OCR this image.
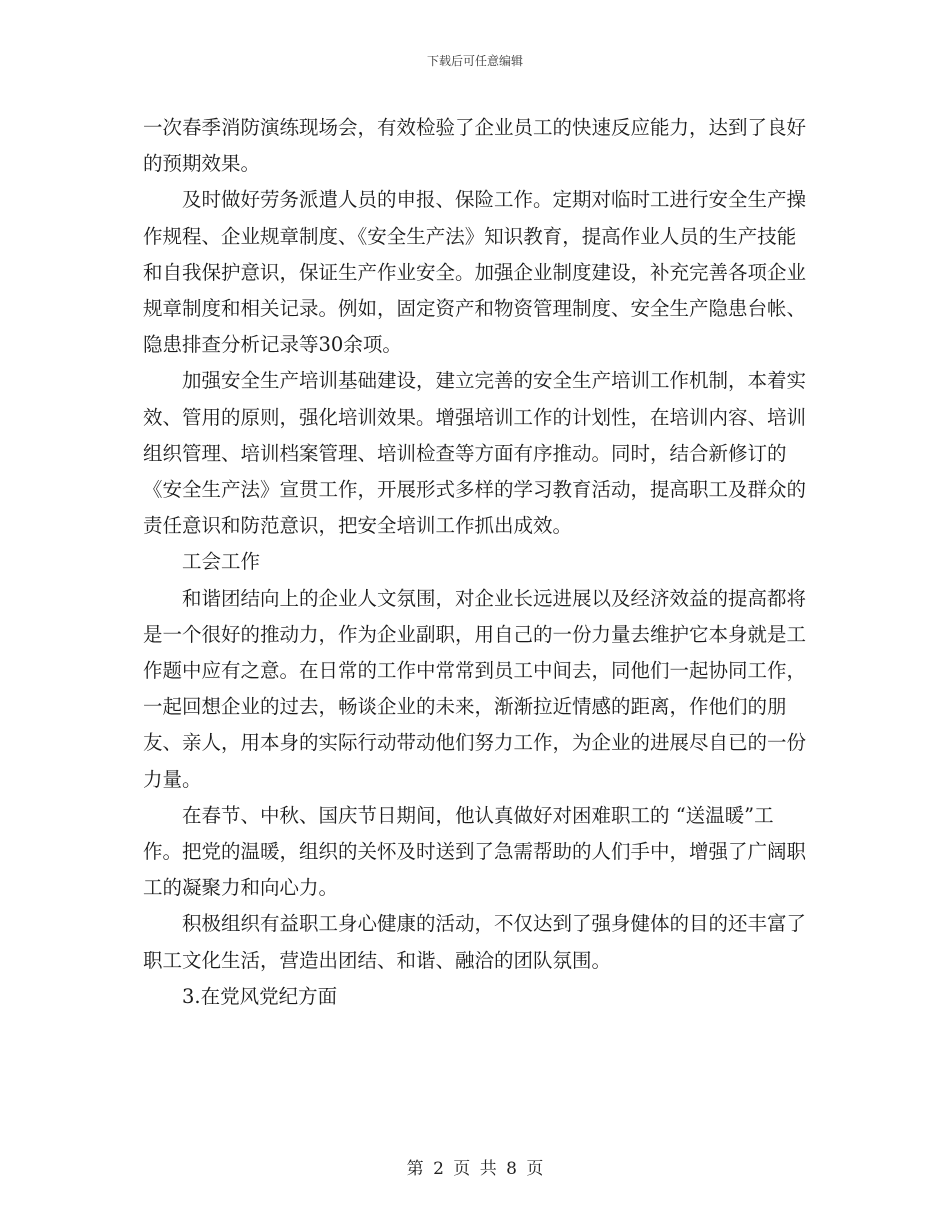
下载后可任意编辑

一次春季消防演练现场会，有效检验了企业员工的快速反应能力，达到了良好的预期效果。

及时做好劳务派遣人员的申报、保险工作。定期对临时工进行安全生产操作规程、企业规章制度、《安全生产法》知识教育，提高作业人员的生产技能和自我保护意识，保证生产作业安全。加强企业制度建设，补充完善各项企业规章制度和相关记录。例如，固定资产和物资管理制度、安全生产隐患台帐、隐患排查分析记录等30余项。

加强安全生产培训基础建设，建立完善的安全生产培训工作机制，本着实效、管用的原则，强化培训效果。增强培训工作的计划性，在培训内容、培训组织管理、培训档案管理、培训检查等方面有序推动。同时，结合新修订的《安全生产法》宣贯工作，开展形式多样的学习教育活动，提高职工及群众的责任意识和防范意识，把安全培训工作抓出成效。

工会工作

和谐团结向上的企业人文氛围，对企业长远进展以及经济效益的提高都将是一个很好的推动力，作为企业副职，用自己的一份力量去维护它本身就是工作题中应有之意。在日常的工作中常常到员工中间去，同他们一起协同工作，一起回想企业的过去，畅谈企业的未来，渐渐拉近情感的距离，作他们的朋友、亲人，用本身的实际行动带动他们努力工作，为企业的进展尽自已的一份力量。

在春节、中秋、国庆节日期间，他认真做好对困难职工的 “送温暖”工作。把党的温暖，组织的关怀及时送到了急需帮助的人们手中，增强了广阔职工的凝聚力和向心力。

积极组织有益职工身心健康的活动，不仅达到了强身健体的目的还丰富了职工文化生活，营造出团结、和谐、融洽的团队氛围。

3.在党风党纪方面

第 2 页 共 8 页
